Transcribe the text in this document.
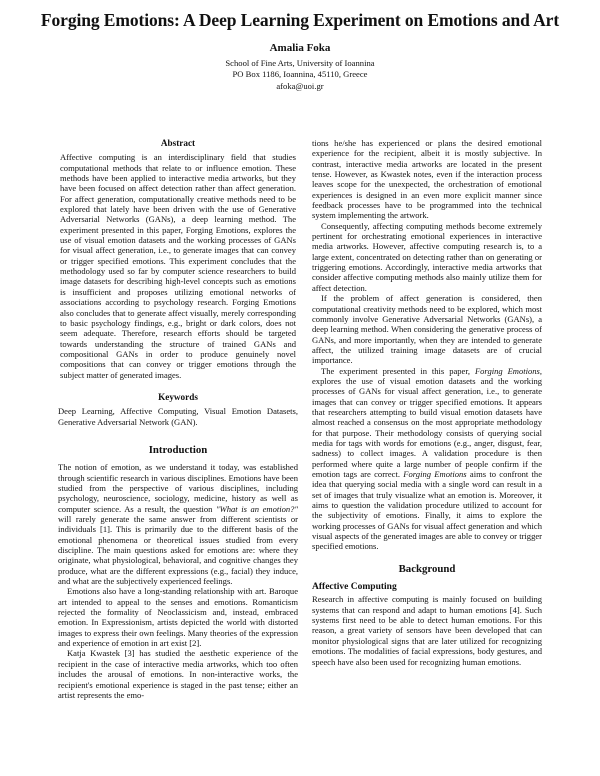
Forging Emotions: A Deep Learning Experiment on Emotions and Art
Amalia Foka
School of Fine Arts, University of Ioannina
PO Box 1186, Ioannina, 45110, Greece
afoka@uoi.gr
Abstract

Affective computing is an interdisciplinary field that studies computational methods that relate to or influence emotion. These methods have been applied to interactive media artworks, but they have been focused on affect detection rather than affect generation. For affect generation, computationally creative methods need to be explored that lately have been driven with the use of Generative Adversarial Networks (GANs), a deep learning method. The experiment presented in this paper, Forging Emotions, explores the use of visual emotion datasets and the working processes of GANs for visual affect generation, i.e., to generate images that can convey or trigger specified emotions. This experiment concludes that the methodology used so far by computer science researchers to build image datasets for describing high-level concepts such as emotions is insufficient and proposes utilizing emotional networks of associations according to psychology research. Forging Emotions also concludes that to generate affect visually, merely corresponding to basic psychology findings, e.g., bright or dark colors, does not seem adequate. Therefore, research efforts should be targeted towards understanding the structure of trained GANs and compositional GANs in order to produce genuinely novel compositions that can convey or trigger emotions through the subject matter of generated images.

Keywords

Deep Learning, Affective Computing, Visual Emotion Datasets, Generative Adversarial Network (GAN).

Introduction

The notion of emotion, as we understand it today, was established through scientific research in various disciplines. Emotions have been studied from the perspective of various disciplines, including psychology, neuroscience, sociology, medicine, history as well as computer science. As a result, the question "What is an emotion?" will rarely generate the same answer from different scientists or individuals [1]. This is primarily due to the different basis of the emotional phenomena or theoretical issues studied from every discipline. The main questions asked for emotions are: where they originate, what physiological, behavioral, and cognitive changes they produce, what are the different expressions (e.g., facial) they induce, and what are the subjectively experienced feelings.

Emotions also have a long-standing relationship with art. Baroque art intended to appeal to the senses and emotions. Romanticism rejected the formality of Neoclassicism and, instead, embraced emotion. In Expressionism, artists depicted the world with distorted images to express their own feelings. Many theories of the expression and experience of emotion in art exist [2].

Katja Kwastek [3] has studied the aesthetic experience of the recipient in the case of interactive media artworks, which too often includes the arousal of emotions. In non-interactive works, the recipient's emotional experience is staged in the past tense; either an artist represents the emo-

tions he/she has experienced or plans the desired emotional experience for the recipient, albeit it is mostly subjective. In contrast, interactive media artworks are located in the present tense. However, as Kwastek notes, even if the interaction process leaves scope for the unexpected, the orchestration of emotional experiences is designed in an even more explicit manner since feedback processes have to be programmed into the technical system implementing the artwork.

Consequently, affecting computing methods become extremely pertinent for orchestrating emotional experiences in interactive media artworks. However, affective computing research is, to a large extent, concentrated on detecting rather than on generating or triggering emotions. Accordingly, interactive media artworks that consider affective computing methods also mainly utilize them for affect detection.

If the problem of affect generation is considered, then computational creativity methods need to be explored, which most commonly involve Generative Adversarial Networks (GANs), a deep learning method. When considering the generative process of GANs, and more importantly, when they are intended to generate affect, the utilized training image datasets are of crucial importance.

The experiment presented in this paper, Forging Emotions, explores the use of visual emotion datasets and the working processes of GANs for visual affect generation, i.e., to generate images that can convey or trigger specified emotions. It appears that researchers attempting to build visual emotion datasets have almost reached a consensus on the most appropriate methodology for that purpose. Their methodology consists of querying social media for tags with words for emotions (e.g., anger, disgust, fear, sadness) to collect images. A validation procedure is then performed where quite a large number of people confirm if the emotion tags are correct. Forging Emotions aims to confront the idea that querying social media with a single word can result in a set of images that truly visualize what an emotion is. Moreover, it aims to question the validation procedure utilized to account for the subjectivity of emotions. Finally, it aims to explore the working processes of GANs for visual affect generation and which visual aspects of the generated images are able to convey or trigger specified emotions.

Background
Affective Computing

Research in affective computing is mainly focused on building systems that can respond and adapt to human emotions [4]. Such systems first need to be able to detect human emotions. For this reason, a great variety of sensors have been developed that can monitor physiological signs that are later utilized for recognizing emotions. The modalities of facial expressions, body gestures, and speech have also been used for recognizing human emotions.
